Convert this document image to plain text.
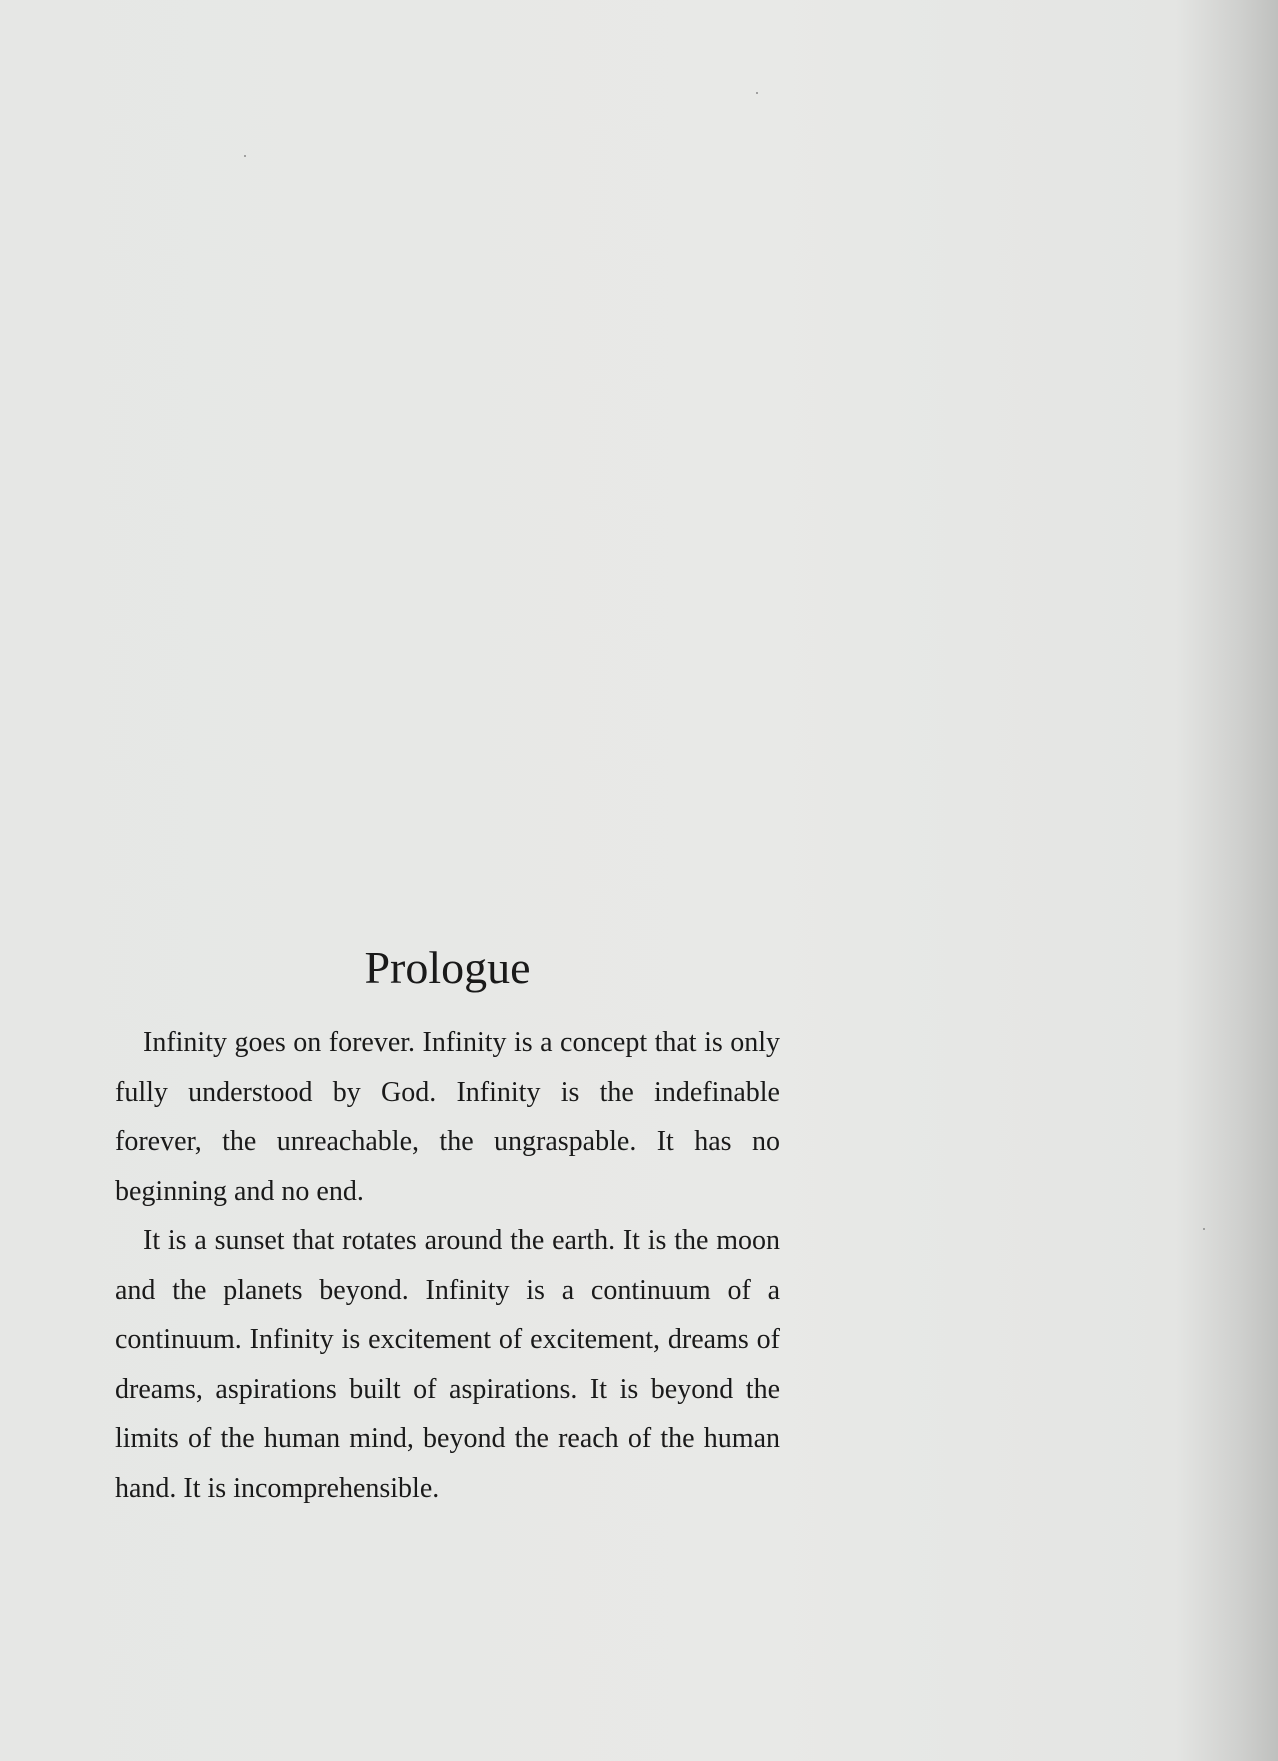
Prologue

Infinity goes on forever. Infinity is a concept that is only fully understood by God. Infinity is the indefinable forever, the unreachable, the ungraspable. It has no beginning and no end.

It is a sunset that rotates around the earth. It is the moon and the planets beyond. Infinity is a continuum of a continuum. Infinity is excitement of excitement, dreams of dreams, aspirations built of aspirations. It is beyond the limits of the human mind, beyond the reach of the human hand. It is incomprehensible.
